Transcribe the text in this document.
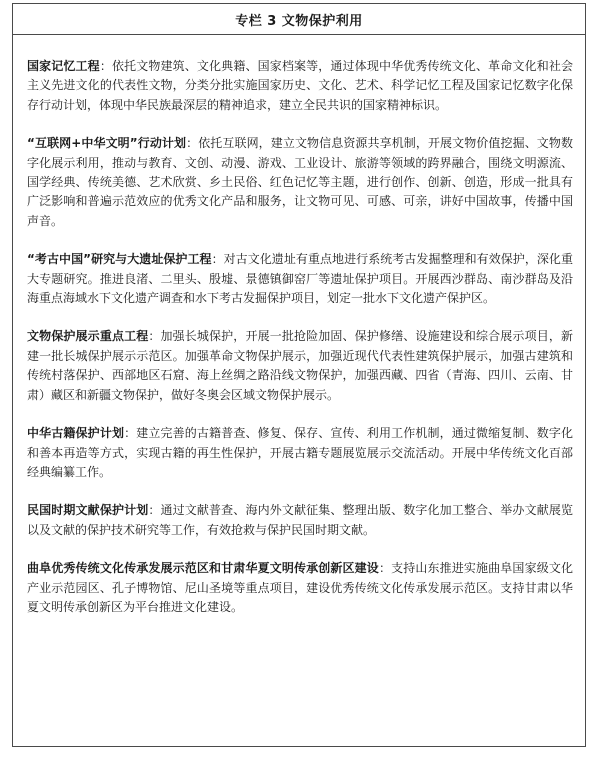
专栏 3 文物保护利用

国家记忆工程：依托文物建筑、文化典籍、国家档案等，通过体现中华优秀传统文化、革命文化和社会主义先进文化的代表性文物，分类分批实施国家历史、文化、艺术、科学记忆工程及国家记忆数字化保存行动计划，体现中华民族最深层的精神追求，建立全民共识的国家精神标识。

“互联网+中华文明”行动计划：依托互联网，建立文物信息资源共享机制，开展文物价值挖掘、文物数字化展示利用，推动与教育、文创、动漫、游戏、工业设计、旅游等领域的跨界融合，围绕文明源流、国学经典、传统美德、艺术欣赏、乡土民俗、红色记忆等主题，进行创作、创新、创造，形成一批具有广泛影响和普遍示范效应的优秀文化产品和服务，让文物可见、可感、可亲，讲好中国故事，传播中国声音。

“考古中国”研究与大遗址保护工程：对古文化遗址有重点地进行系统考古发掘整理和有效保护，深化重大专题研究。推进良渚、二里头、殷墟、景德镇御窑厂等遗址保护项目。开展西沙群岛、南沙群岛及沿海重点海域水下文化遗产调查和水下考古发掘保护项目，划定一批水下文化遗产保护区。

文物保护展示重点工程：加强长城保护，开展一批抢险加固、保护修缮、设施建设和综合展示项目，新建一批长城保护展示示范区。加强革命文物保护展示，加强近现代代表性建筑保护展示，加强古建筑和传统村落保护、西部地区石窟、海上丝绸之路沿线文物保护，加强西藏、四省（青海、四川、云南、甘肃）藏区和新疆文物保护，做好冬奥会区域文物保护展示。

中华古籍保护计划：建立完善的古籍普查、修复、保存、宣传、利用工作机制，通过微缩复制、数字化和善本再造等方式，实现古籍的再生性保护，开展古籍专题展览展示交流活动。开展中华传统文化百部经典编纂工作。

民国时期文献保护计划：通过文献普查、海内外文献征集、整理出版、数字化加工整合、举办文献展览以及文献的保护技术研究等工作，有效抢救与保护民国时期文献。

曲阜优秀传统文化传承发展示范区和甘肃华夏文明传承创新区建设：支持山东推进实施曲阜国家级文化产业示范园区、孔子博物馆、尼山圣境等重点项目，建设优秀传统文化传承发展示范区。支持甘肃以华夏文明传承创新区为平台推进文化建设。
